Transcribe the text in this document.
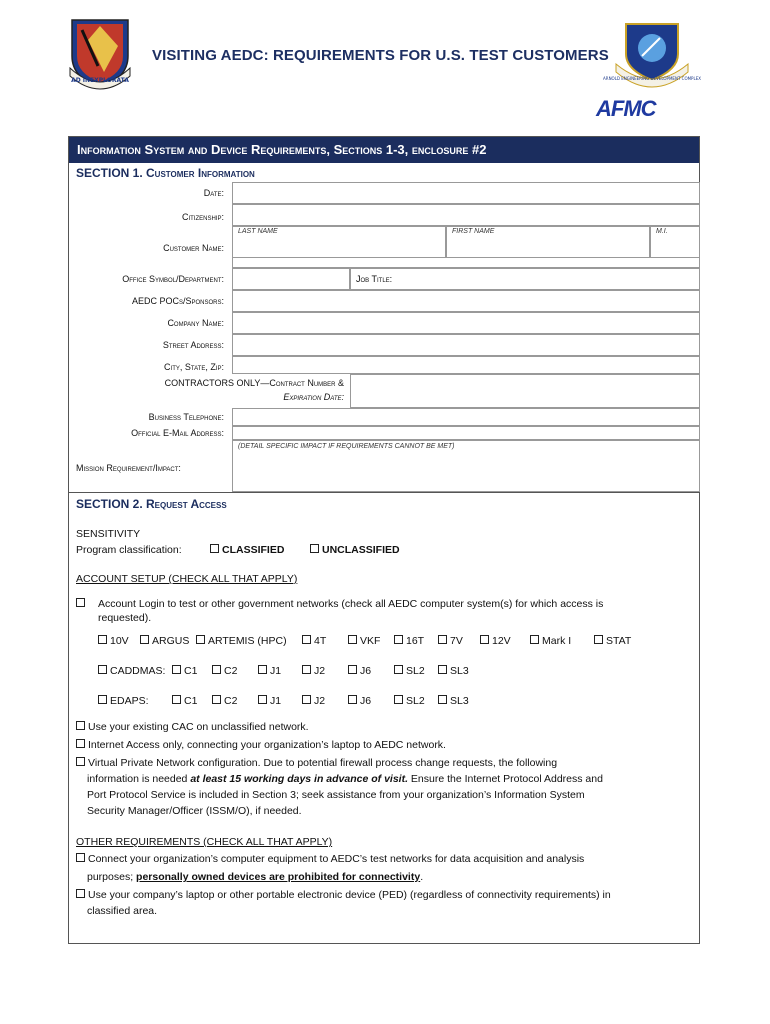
AD INEXPLORATA
VISITING AEDC: REQUIREMENTS FOR U.S. TEST CUSTOMERS
ARNOLD ENGINEERING DEVELOPMENT COMPLEX
AFMC
Information System and Device Requirements, Sections 1-3, enclosure #2
SECTION 1. Customer Information
Date:
Citizenship:
Customer Name:
LAST NAME	FIRST NAME	M.I.
Office Symbol/Department:	Job Title:
AEDC POCs/Sponsors:
Company Name:
Street Address:
City, State, Zip:
CONTRACTORS ONLY—Contract Number &
Expiration Date:
Business Telephone:
Official E-Mail Address:
Mission Requirement/Impact:
(DETAIL SPECIFIC IMPACT IF REQUIREMENTS CANNOT BE MET)
SECTION 2. Request Access
SENSITIVITY
Program classification:	CLASSIFIED	UNCLASSIFIED
ACCOUNT SETUP (CHECK ALL THAT APPLY)
Account Login to test or other government networks (check all AEDC computer system(s) for which access is
requested).
10V	ARGUS	ARTEMIS (HPC)	4T	VKF	16T	7V	12V	Mark I	STAT
CADDMAS:	C1	C2	J1	J2	J6	SL2	SL3
EDAPS:	C1	C2	J1	J2	J6	SL2	SL3
Use your existing CAC on unclassified network.
Internet Access only, connecting your organization’s laptop to AEDC network.
Virtual Private Network configuration. Due to potential firewall process change requests, the following
information is needed at least 15 working days in advance of visit. Ensure the Internet Protocol Address and
Port Protocol Service is included in Section 3; seek assistance from your organization’s Information System
Security Manager/Officer (ISSM/O), if needed.
OTHER REQUIREMENTS (CHECK ALL THAT APPLY)
Connect your organization’s computer equipment to AEDC’s test networks for data acquisition and analysis
purposes; personally owned devices are prohibited for connectivity.
Use your company’s laptop or other portable electronic device (PED) (regardless of connectivity requirements) in
classified area.
